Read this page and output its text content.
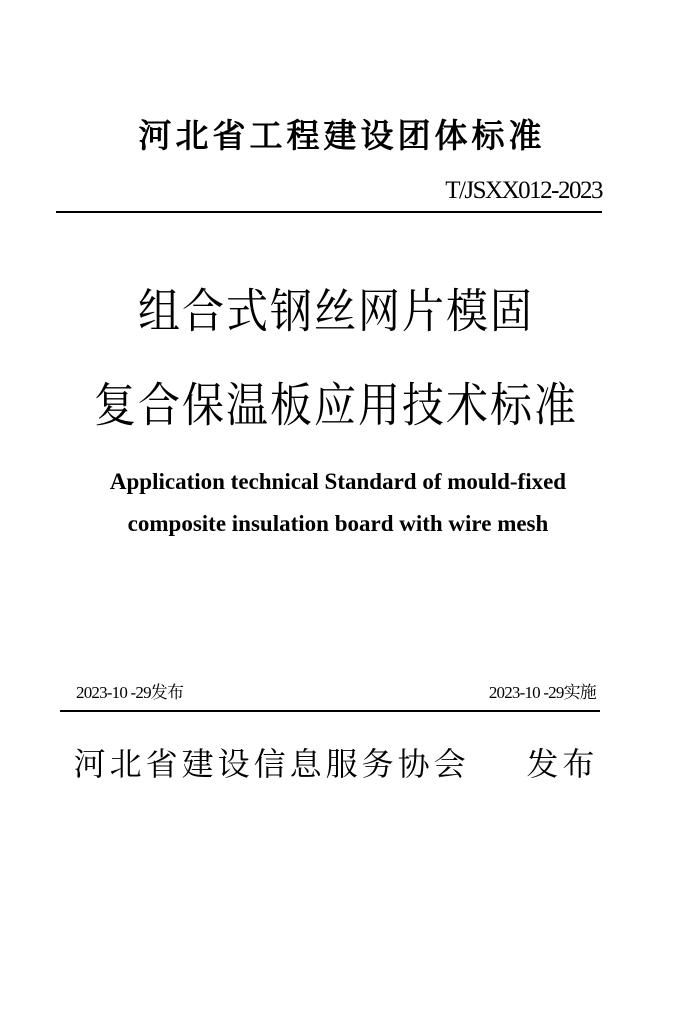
河北省工程建设团体标准
T/JSXX012-2023
组合式钢丝网片模固
复合保温板应用技术标准
Application technical Standard of mould-fixed
composite insulation board with wire mesh
2023-10 -29发布	2023-10 -29实施
河北省建设信息服务协会    发布
